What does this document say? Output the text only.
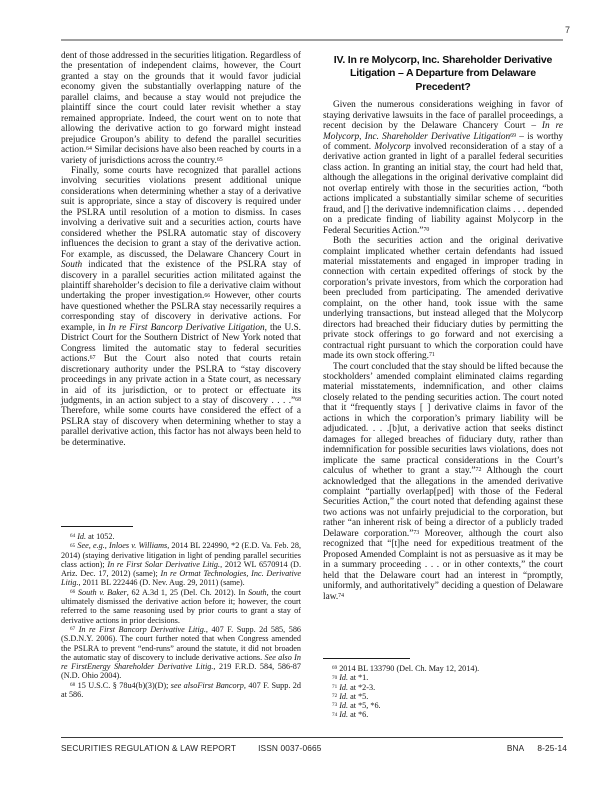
7

dent of those addressed in the securities litigation. Regardless of the presentation of independent claims, however, the Court granted a stay on the grounds that it would favor judicial economy given the substantially overlapping nature of the parallel claims, and because a stay would not prejudice the plaintiff since the court could later revisit whether a stay remained appropriate. Indeed, the court went on to note that allowing the derivative action to go forward might instead prejudice Groupon’s ability to defend the parallel securities action.$^{64}$ Similar decisions have also been reached by courts in a variety of jurisdictions across the country.$^{65}$

Finally, some courts have recognized that parallel actions involving securities violations present additional unique considerations when determining whether a stay of a derivative suit is appropriate, since a stay of discovery is required under the PSLRA until resolution of a motion to dismiss. In cases involving a derivative suit and a securities action, courts have considered whether the PSLRA automatic stay of discovery influences the decision to grant a stay of the derivative action. For example, as discussed, the Delaware Chancery Court in South indicated that the existence of the PSLRA stay of discovery in a parallel securities action militated against the plaintiff shareholder’s decision to file a derivative claim without undertaking the proper investigation.$^{66}$ However, other courts have questioned whether the PSLRA stay necessarily requires a corresponding stay of discovery in derivative actions. For example, in In re First Bancorp Derivative Litigation, the U.S. District Court for the Southern District of New York noted that Congress limited the automatic stay to federal securities actions.$^{67}$ But the Court also noted that courts retain discretionary authority under the PSLRA to “stay discovery proceedings in any private action in a State court, as necessary in aid of its jurisdiction, or to protect or effectuate its judgments, in an action subject to a stay of discovery . . . .”$^{68}$ Therefore, while some courts have considered the effect of a PSLRA stay of discovery when determining whether to stay a parallel derivative action, this factor has not always been held to be determinative.

$^{64}$ Id. at 1052.

$^{65}$ See, e.g., Inloes v. Williams, 2014 BL 224990, *2 (E.D. Va. Feb. 28, 2014) (staying derivative litigation in light of pending parallel securities class action); In re First Solar Derivative Litig., 2012 WL 6570914 (D. Ariz. Dec. 17, 2012) (same); In re Ormat Technologies, Inc. Derivative Litig., 2011 BL 222446 (D. Nev. Aug. 29, 2011) (same).

$^{66}$ South v. Baker, 62 A.3d 1, 25 (Del. Ch. 2012). In South, the court ultimately dismissed the derivative action before it; however, the court referred to the same reasoning used by prior courts to grant a stay of derivative actions in prior decisions.

$^{67}$ In re First Bancorp Derivative Litig., 407 F. Supp. 2d 585, 586 (S.D.N.Y. 2006). The court further noted that when Congress amended the PSLRA to prevent “end-runs” around the statute, it did not broaden the automatic stay of discovery to include derivative actions. See also In re FirstEnergy Shareholder Derivative Litig., 219 F.R.D. 584, 586-87 (N.D. Ohio 2004).

$^{68}$ 15 U.S.C. § 78u4(b)(3)(D); see alsoFirst Bancorp, 407 F. Supp. 2d at 586.

IV. In re Molycorp, Inc. Shareholder Derivative Litigation – A Departure from Delaware Precedent?

Given the numerous considerations weighing in favor of staying derivative lawsuits in the face of parallel proceedings, a recent decision by the Delaware Chancery Court – In re Molycorp, Inc. Shareholder Derivative Litigation$^{69}$ – is worthy of comment. Molycorp involved reconsideration of a stay of a derivative action granted in light of a parallel federal securities class action. In granting an initial stay, the court had held that, although the allegations in the original derivative complaint did not overlap entirely with those in the securities action, “both actions implicated a substantially similar scheme of securities fraud, and [] the derivative indemnification claims . . . depended on a predicate finding of liability against Molycorp in the Federal Securities Action.”$^{70}$

Both the securities action and the original derivative complaint implicated whether certain defendants had issued material misstatements and engaged in improper trading in connection with certain expedited offerings of stock by the corporation’s private investors, from which the corporation had been precluded from participating. The amended derivative complaint, on the other hand, took issue with the same underlying transactions, but instead alleged that the Molycorp directors had breached their fiduciary duties by permitting the private stock offerings to go forward and not exercising a contractual right pursuant to which the corporation could have made its own stock offering.$^{71}$

The court concluded that the stay should be lifted because the stockholders’ amended complaint eliminated claims regarding material misstatements, indemnification, and other claims closely related to the pending securities action. The court noted that it “frequently stays [ ] derivative claims in favor of the actions in which the corporation’s primary liability will be adjudicated. . . .[b]ut, a derivative action that seeks distinct damages for alleged breaches of fiduciary duty, rather than indemnification for possible securities laws violations, does not implicate the same practical considerations in the Court’s calculus of whether to grant a stay.”$^{72}$ Although the court acknowledged that the allegations in the amended derivative complaint “partially overlap[ped] with those of the Federal Securities Action,” the court noted that defending against these two actions was not unfairly prejudicial to the corporation, but rather “an inherent risk of being a director of a publicly traded Delaware corporation.”$^{73}$ Moreover, although the court also recognized that “[t]he need for expeditious treatment of the Proposed Amended Complaint is not as persuasive as it may be in a summary proceeding . . . or in other contexts,” the court held that the Delaware court had an interest in “promptly, uniformly, and authoritatively” deciding a question of Delaware law.$^{74}$

$^{69}$ 2014 BL 133790 (Del. Ch. May 12, 2014).

$^{70}$ Id. at *1.

$^{71}$ Id. at *2-3.

$^{72}$ Id. at *5.

$^{73}$ Id. at *5, *6.

$^{74}$ Id. at *6.

SECURITIES REGULATION & LAW REPORT	ISSN 0037-0665	BNA 8-25-14
